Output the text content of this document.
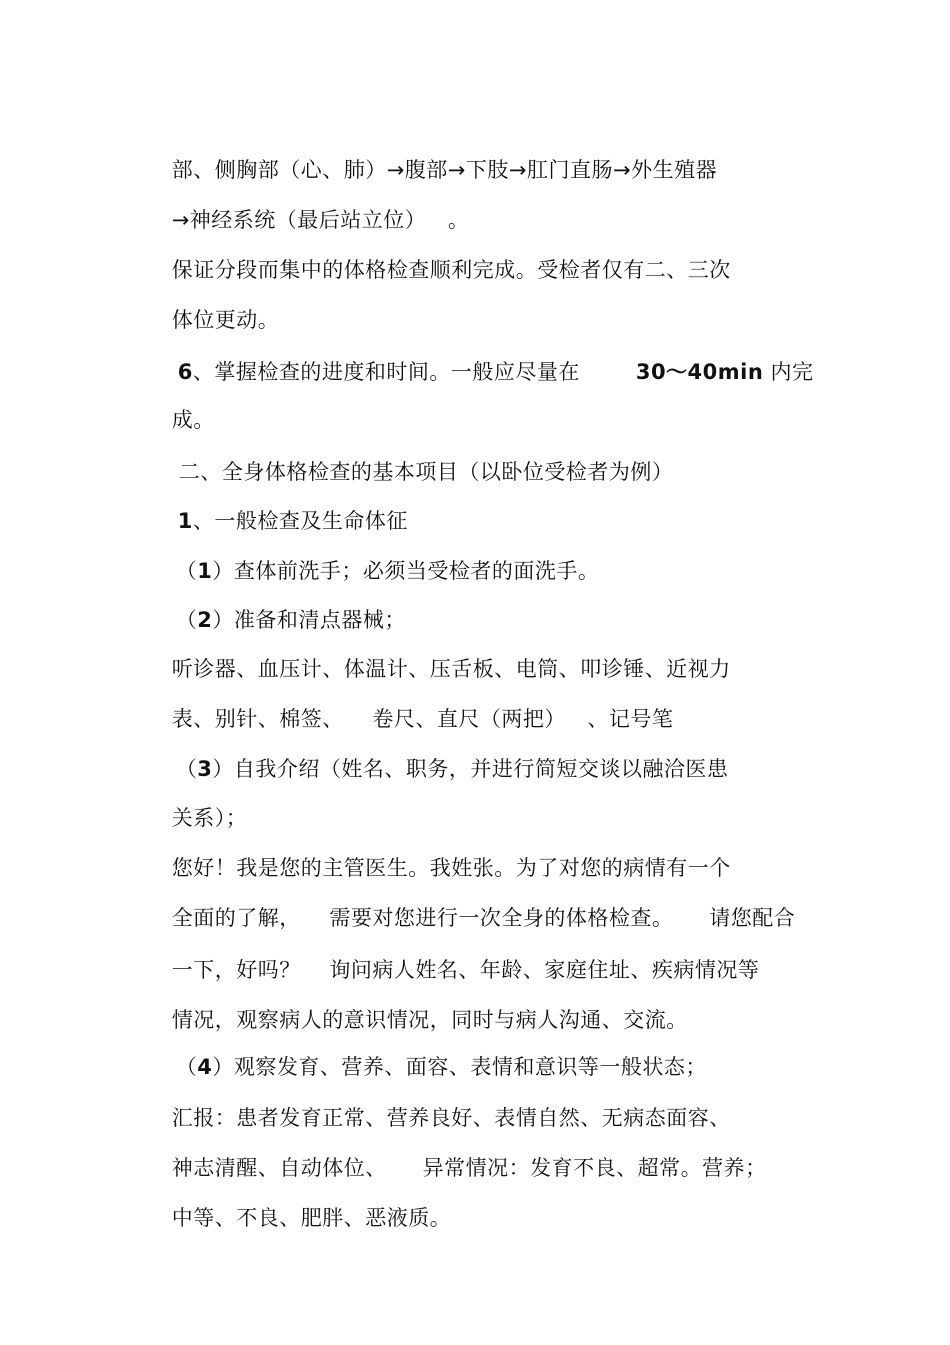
部、侧胸部（心、肺）→腹部→下肢→肛门直肠→外生殖器

→神经系统（最后站立位）   。

保证分段而集中的体格检查顺利完成。受检者仅有二、三次

体位更动。

6、掌握检查的进度和时间。一般应尽量在	30～40min 内完

成。

二、全身体格检查的基本项目（以卧位受检者为例）

1、一般检查及生命体征

（1）查体前洗手；必须当受检者的面洗手。

（2）准备和清点器械；

听诊器、血压计、体温计、压舌板、电筒、叩诊锤、近视力

表、别针、棉签、    卷尺、直尺（两把）   、记号笔

（3）自我介绍（姓名、职务，并进行简短交谈以融洽医患

关系）；

您好！我是您的主管医生。我姓张。为了对您的病情有一个

全面的了解，    需要对您进行一次全身的体格检查。     请您配合

一下，好吗？    询问病人姓名、年龄、家庭住址、疾病情况等

情况，观察病人的意识情况，同时与病人沟通、交流。

（4）观察发育、营养、面容、表情和意识等一般状态；

汇报：患者发育正常、营养良好、表情自然、无病态面容、

神志清醒、自动体位、     异常情况：发育不良、超常。营养；

中等、不良、肥胖、恶液质。
